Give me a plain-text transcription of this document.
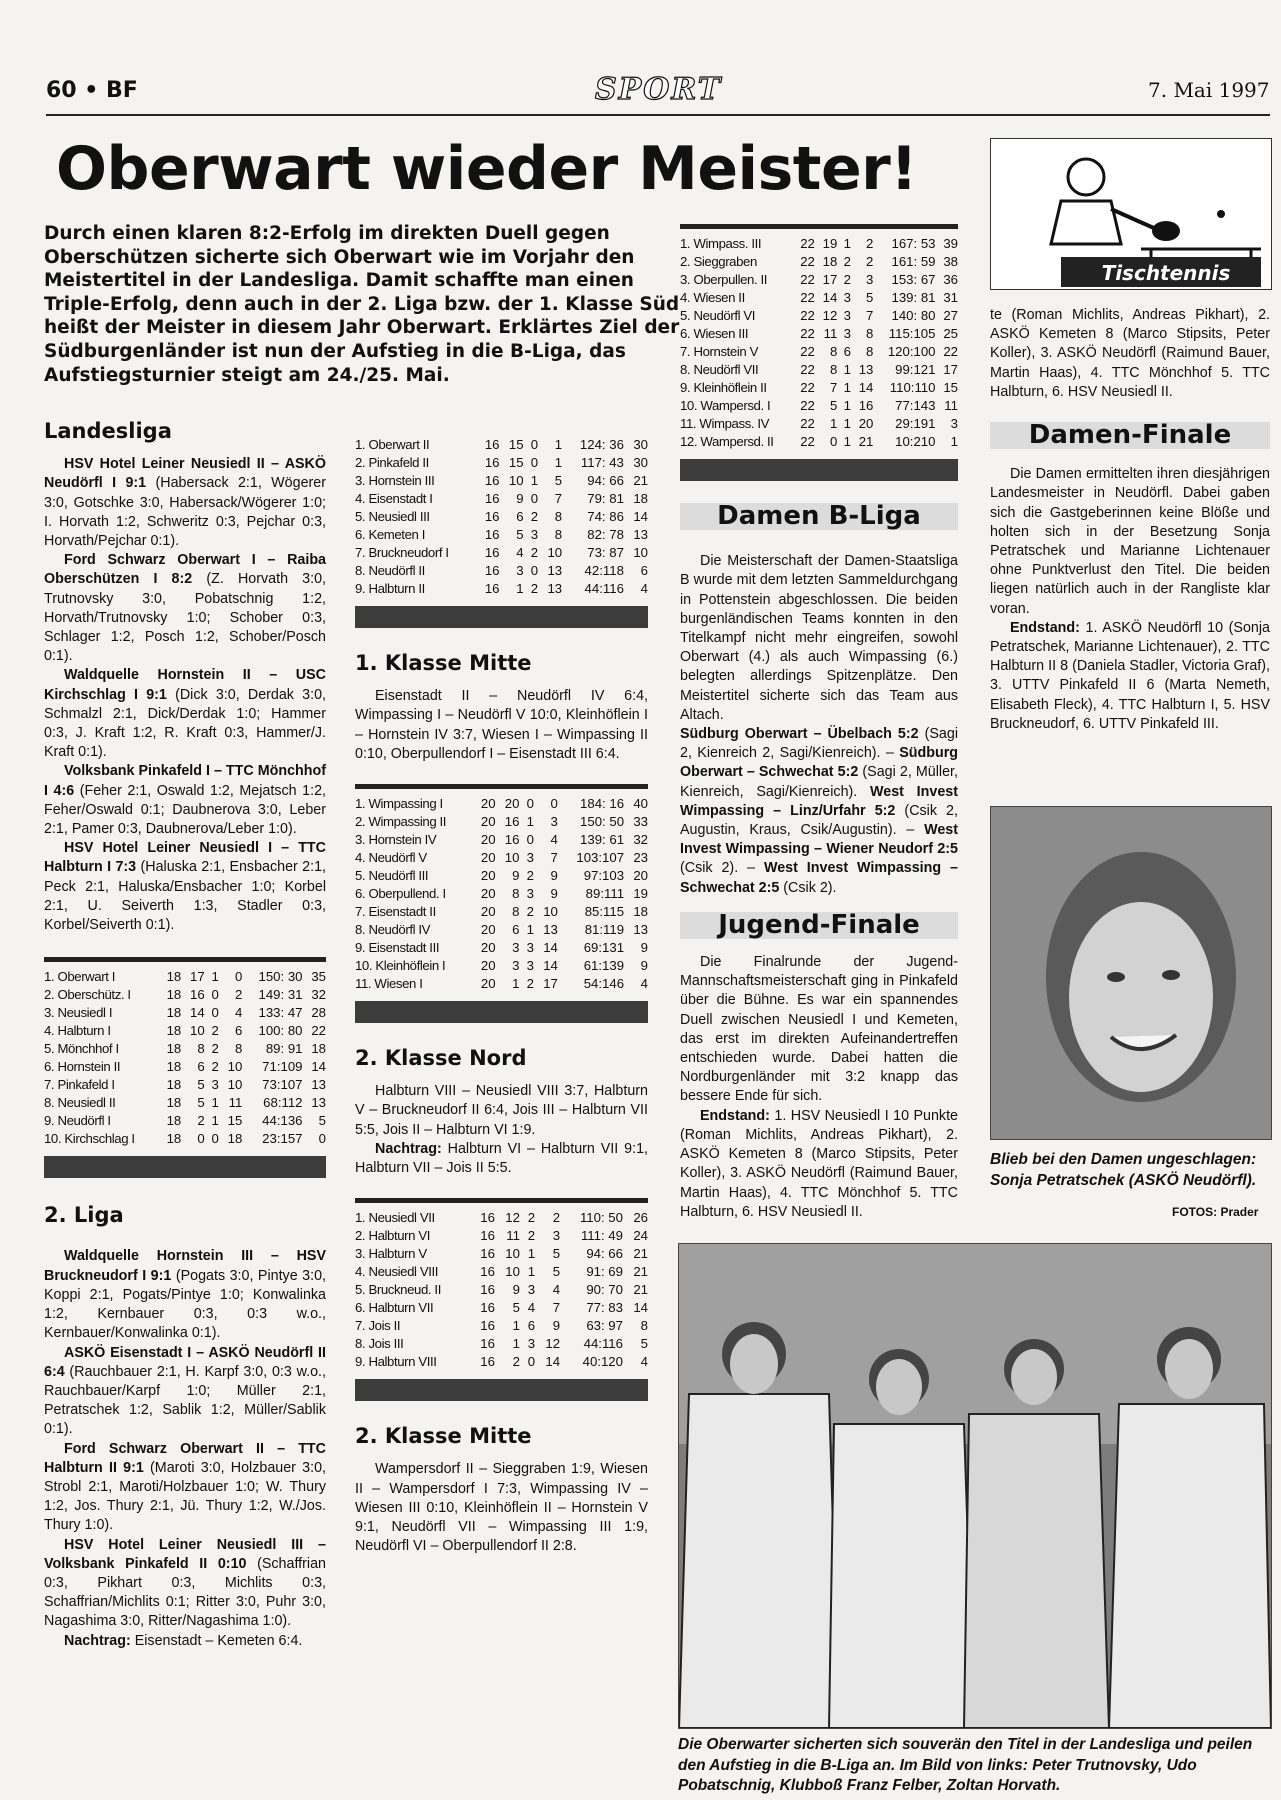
60 • BF	SPORT	7. Mai 1997
Oberwart wieder Meister!
Durch einen klaren 8:2-Erfolg im direkten Duell gegen Oberschützen sicherte sich Oberwart wie im Vorjahr den Meistertitel in der Landesliga. Damit schaffte man einen Triple-Erfolg, denn auch in der 2. Liga bzw. der 1. Klasse Süd heißt der Meister in diesem Jahr Oberwart. Erklärtes Ziel der Südburgenländer ist nun der Aufstieg in die B-Liga, das Aufstiegsturnier steigt am 24./25. Mai.

Landesliga

HSV Hotel Leiner Neusiedl II – ASKÖ Neudörfl I 9:1 (Habersack 2:1, Wögerer 3:0, Gotschke 3:0, Habersack/Wögerer 1:0; I. Horvath 1:2, Schweritz 0:3, Pejchar 0:3, Horvath/Pejchar 0:1).

Ford Schwarz Oberwart I – Raiba Oberschützen I 8:2 (Z. Horvath 3:0, Trutnovsky 3:0, Pobatschnig 1:2, Horvath/Trutnovsky 1:0; Schober 0:3, Schlager 1:2, Posch 1:2, Schober/Posch 0:1).

Waldquelle Hornstein II – USC Kirchschlag I 9:1 (Dick 3:0, Derdak 3:0, Schmalzl 2:1, Dick/Derdak 1:0; Hammer 0:3, J. Kraft 1:2, R. Kraft 0:3, Hammer/J. Kraft 0:1).

Volksbank Pinkafeld I – TTC Mönchhof I 4:6 (Feher 2:1, Oswald 1:2, Mejatsch 1:2, Feher/Oswald 0:1; Daubnerova 3:0, Leber 2:1, Pamer 0:3, Daubnerova/Leber 1:0).

HSV Hotel Leiner Neusiedl I – TTC Halbturn I 7:3 (Haluska 2:1, Ensbacher 2:1, Peck 2:1, Haluska/Ensbacher 1:0; Korbel 2:1, U. Seiverth 1:3, Stadler 0:3, Korbel/Seiverth 0:1).

1. Oberwart I	18	17	1	0	150: 30	35
2. Oberschütz. I	18	16	0	2	149: 31	32
3. Neusiedl I	18	14	0	4	133: 47	28
4. Halbturn I	18	10	2	6	100: 80	22
5. Mönchhof I	18	8	2	8	89: 91	18
6. Hornstein II	18	6	2	10	71:109	14
7. Pinkafeld I	18	5	3	10	73:107	13
8. Neusiedl II	18	5	1	11	68:112	13
9. Neudörfl I	18	2	1	15	44:136	5
10. Kirchschlag I	18	0	0	18	23:157	0

2. Liga

Waldquelle Hornstein III – HSV Bruckneudorf I 9:1 (Pogats 3:0, Pintye 3:0, Koppi 2:1, Pogats/Pintye 1:0; Konwalinka 1:2, Kernbauer 0:3, 0:3 w.o., Kernbauer/Konwalinka 0:1).

ASKÖ Eisenstadt I – ASKÖ Neudörfl II 6:4 (Rauchbauer 2:1, H. Karpf 3:0, 0:3 w.o., Rauchbauer/Karpf 1:0; Müller 2:1, Petratschek 1:2, Sablik 1:2, Müller/Sablik 0:1).

Ford Schwarz Oberwart II – TTC Halbturn II 9:1 (Maroti 3:0, Holzbauer 3:0, Strobl 2:1, Maroti/Holzbauer 1:0; W. Thury 1:2, Jos. Thury 2:1, Jü. Thury 1:2, W./Jos. Thury 1:0).

HSV Hotel Leiner Neusiedl III – Volksbank Pinkafeld II 0:10 (Schaffrian 0:3, Pikhart 0:3, Michlits 0:3, Schaffrian/Michlits 0:1; Ritter 3:0, Puhr 3:0, Nagashima 3:0, Ritter/Nagashima 1:0).

Nachtrag: Eisenstadt – Kemeten 6:4.

1. Oberwart II	16	15	0	1	124: 36	30
2. Pinkafeld II	16	15	0	1	117: 43	30
3. Hornstein III	16	10	1	5	94: 66	21
4. Eisenstadt I	16	9	0	7	79: 81	18
5. Neusiedl III	16	6	2	8	74: 86	14
6. Kemeten I	16	5	3	8	82: 78	13
7. Bruckneudorf I	16	4	2	10	73: 87	10
8. Neudörfl II	16	3	0	13	42:118	6
9. Halbturn II	16	1	2	13	44:116	4

1. Klasse Mitte

Eisenstadt II – Neudörfl IV 6:4, Wimpassing I – Neudörfl V 10:0, Kleinhöflein I – Hornstein IV 3:7, Wiesen I – Wimpassing II 0:10, Oberpullendorf I – Eisenstadt III 6:4.

1. Wimpassing I	20	20	0	0	184: 16	40
2. Wimpassing II	20	16	1	3	150: 50	33
3. Hornstein IV	20	16	0	4	139: 61	32
4. Neudörfl V	20	10	3	7	103:107	23
5. Neudörfl III	20	9	2	9	97:103	20
6. Oberpullend. I	20	8	3	9	89:111	19
7. Eisenstadt II	20	8	2	10	85:115	18
8. Neudörfl IV	20	6	1	13	81:119	13
9. Eisenstadt III	20	3	3	14	69:131	9
10. Kleinhöflein I	20	3	3	14	61:139	9
11. Wiesen I	20	1	2	17	54:146	4

2. Klasse Nord

Halbturn VIII – Neusiedl VIII 3:7, Halbturn V – Bruckneudorf II 6:4, Jois III – Halbturn VII 5:5, Jois II – Halbturn VI 1:9.

Nachtrag: Halbturn VI – Halbturn VII 9:1, Halbturn VII – Jois II 5:5.

1. Neusiedl VII	16	12	2	2	110: 50	26
2. Halbturn VI	16	11	2	3	111: 49	24
3. Halbturn V	16	10	1	5	94: 66	21
4. Neusiedl VIII	16	10	1	5	91: 69	21
5. Bruckneud. II	16	9	3	4	90: 70	21
6. Halbturn VII	16	5	4	7	77: 83	14
7. Jois II	16	1	6	9	63: 97	8
8. Jois III	16	1	3	12	44:116	5
9. Halbturn VIII	16	2	0	14	40:120	4

2. Klasse Mitte

Wampersdorf II – Sieggraben 1:9, Wiesen II – Wampersdorf I 7:3, Wimpassing IV – Wiesen III 0:10, Kleinhöflein II – Hornstein V 9:1, Neudörfl VII – Wimpassing III 1:9, Neudörfl VI – Oberpullendorf II 2:8.

1. Wimpass. III	22	19	1	2	167: 53	39
2. Sieggraben	22	18	2	2	161: 59	38
3. Oberpullen. II	22	17	2	3	153: 67	36
4. Wiesen II	22	14	3	5	139: 81	31
5. Neudörfl VI	22	12	3	7	140: 80	27
6. Wiesen III	22	11	3	8	115:105	25
7. Hornstein V	22	8	6	8	120:100	22
8. Neudörfl VII	22	8	1	13	99:121	17
9. Kleinhöflein II	22	7	1	14	110:110	15
10. Wampersd. I	22	5	1	16	77:143	11
11. Wimpass. IV	22	1	1	20	29:191	3
12. Wampersd. II	22	0	1	21	10:210	1
Damen B-Liga

Die Meisterschaft der Damen-Staatsliga B wurde mit dem letzten Sammeldurchgang in Pottenstein abgeschlossen. Die beiden burgenländischen Teams konnten in den Titelkampf nicht mehr eingreifen, sowohl Oberwart (4.) als auch Wimpassing (6.) belegten allerdings Spitzenplätze. Den Meistertitel sicherte sich das Team aus Altach.

Südburg Oberwart – Übelbach 5:2 (Sagi 2, Kienreich 2, Sagi/Kienreich). – Südburg Oberwart – Schwechat 5:2 (Sagi 2, Müller, Kienreich, Sagi/Kienreich). West Invest Wimpassing – Linz/Urfahr 5:2 (Csik 2, Augustin, Kraus, Csik/Augustin). – West Invest Wimpassing – Wiener Neudorf 2:5 (Csik 2). – West Invest Wimpassing – Schwechat 2:5 (Csik 2).

Jugend-Finale

Die Finalrunde der Jugend-Mannschaftsmeisterschaft ging in Pinkafeld über die Bühne. Es war ein spannendes Duell zwischen Neusiedl I und Kemeten, das erst im direkten Aufeinandertreffen entschieden wurde. Dabei hatten die Nordburgenländer mit 3:2 knapp das bessere Ende für sich.

Endstand: 1. HSV Neusiedl I 10 Punkte (Roman Michlits, Andreas Pikhart), 2. ASKÖ Kemeten 8 (Marco Stipsits, Peter Koller), 3. ASKÖ Neudörfl (Raimund Bauer, Martin Haas), 4. TTC Mönchhof 5. TTC Halbturn, 6. HSV Neusiedl II.

Tischtennis

te (Roman Michlits, Andreas Pikhart), 2. ASKÖ Kemeten 8 (Marco Stipsits, Peter Koller), 3. ASKÖ Neudörfl (Raimund Bauer, Martin Haas), 4. TTC Mönchhof 5. TTC Halbturn, 6. HSV Neusiedl II.

Damen-Finale

Die Damen ermittelten ihren diesjährigen Landesmeister in Neudörfl. Dabei gaben sich die Gastgeberinnen keine Blöße und holten sich in der Besetzung Sonja Petratschek und Marianne Lichtenauer ohne Punktverlust den Titel. Die beiden liegen natürlich auch in der Rangliste klar voran.

Endstand: 1. ASKÖ Neudörfl 10 (Sonja Petratschek, Marianne Lichtenauer), 2. TTC Halbturn II 8 (Daniela Stadler, Victoria Graf), 3. UTTV Pinkafeld II 6 (Marta Nemeth, Elisabeth Fleck), 4. TTC Halbturn I, 5. HSV Bruckneudorf, 6. UTTV Pinkafeld III.

Blieb bei den Damen ungeschlagen: Sonja Petratschek (ASKÖ Neudörfl).
FOTOS: Prader
Die Oberwarter sicherten sich souverän den Titel in der Landesliga und peilen den Aufstieg in die B-Liga an. Im Bild von links: Peter Trutnovsky, Udo Pobatschnig, Klubboß Franz Felber, Zoltan Horvath.
